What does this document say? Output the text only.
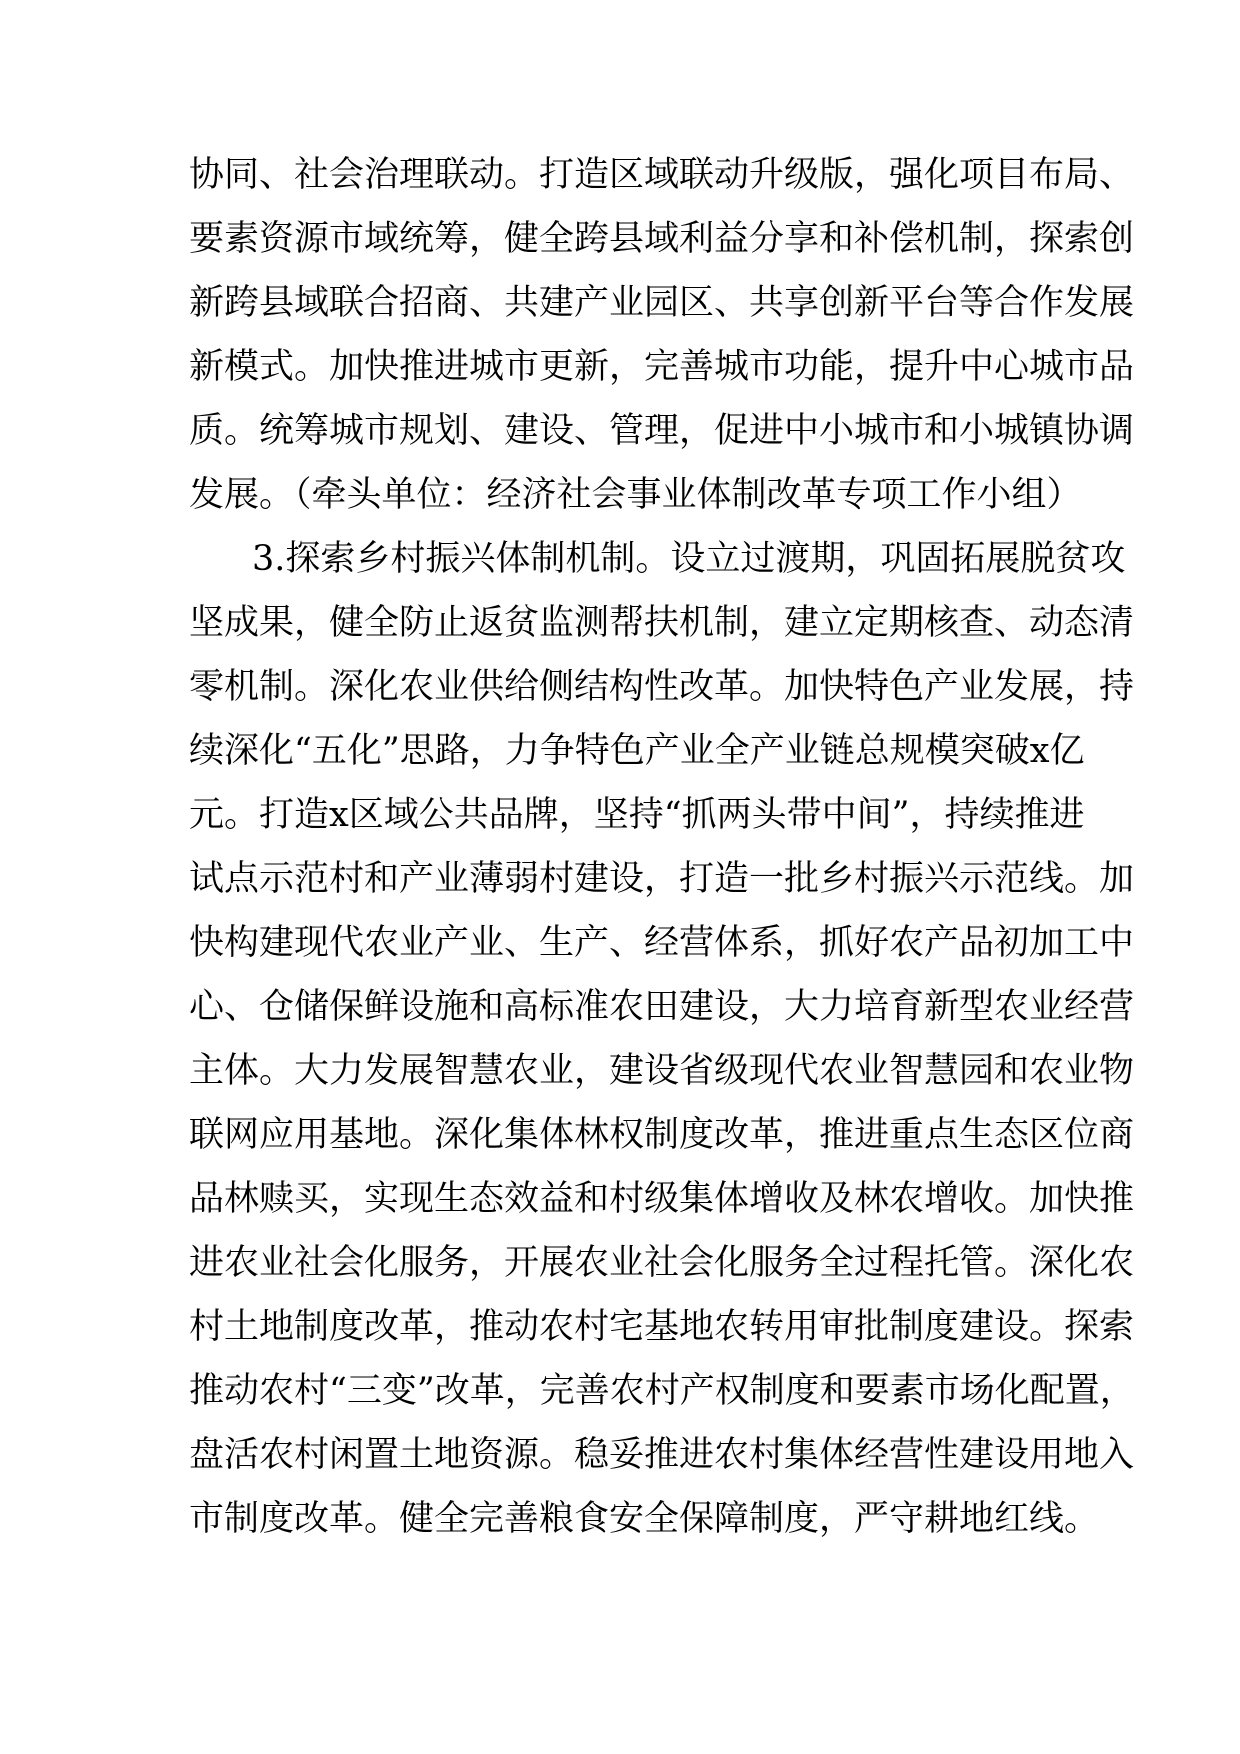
协同、社会治理联动。打造区域联动升级版，强化项目布局、
要素资源市域统筹，健全跨县域利益分享和补偿机制，探索创
新跨县域联合招商、共建产业园区、共享创新平台等合作发展
新模式。加快推进城市更新，完善城市功能，提升中心城市品
质。统筹城市规划、建设、管理，促进中小城市和小城镇协调
发展。（牵头单位：经济社会事业体制改革专项工作小组）
3.探索乡村振兴体制机制。设立过渡期，巩固拓展脱贫攻
坚成果，健全防止返贫监测帮扶机制，建立定期核查、动态清
零机制。深化农业供给侧结构性改革。加快特色产业发展，持
续深化“五化”思路，力争特色产业全产业链总规模突破x亿
元。打造x区域公共品牌，坚持“抓两头带中间”，持续推进
试点示范村和产业薄弱村建设，打造一批乡村振兴示范线。加
快构建现代农业产业、生产、经营体系，抓好农产品初加工中
心、仓储保鲜设施和高标准农田建设，大力培育新型农业经营
主体。大力发展智慧农业，建设省级现代农业智慧园和农业物
联网应用基地。深化集体林权制度改革，推进重点生态区位商
品林赎买，实现生态效益和村级集体增收及林农增收。加快推
进农业社会化服务，开展农业社会化服务全过程托管。深化农
村土地制度改革，推动农村宅基地农转用审批制度建设。探索
推动农村“三变”改革，完善农村产权制度和要素市场化配置，
盘活农村闲置土地资源。稳妥推进农村集体经营性建设用地入
市制度改革。健全完善粮食安全保障制度，严守耕地红线。
